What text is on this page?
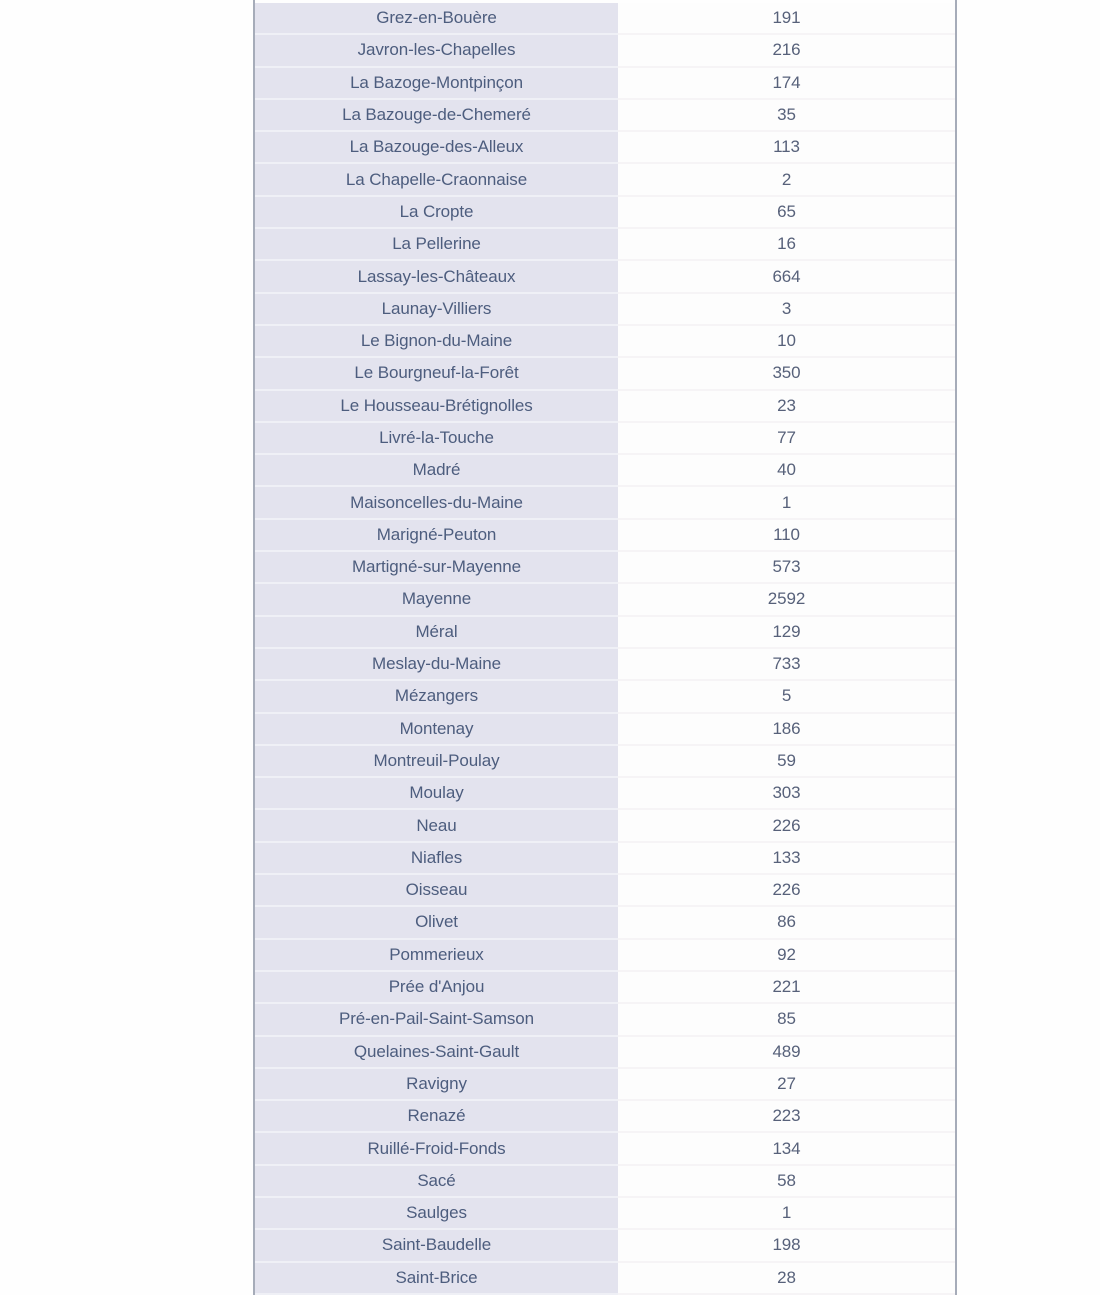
Grez-en-Bouère	191
Javron-les-Chapelles	216
La Bazoge-Montpinçon	174
La Bazouge-de-Chemeré	35
La Bazouge-des-Alleux	113
La Chapelle-Craonnaise	2
La Cropte	65
La Pellerine	16
Lassay-les-Châteaux	664
Launay-Villiers	3
Le Bignon-du-Maine	10
Le Bourgneuf-la-Forêt	350
Le Housseau-Brétignolles	23
Livré-la-Touche	77
Madré	40
Maisoncelles-du-Maine	1
Marigné-Peuton	110
Martigné-sur-Mayenne	573
Mayenne	2592
Méral	129
Meslay-du-Maine	733
Mézangers	5
Montenay	186
Montreuil-Poulay	59
Moulay	303
Neau	226
Niafles	133
Oisseau	226
Olivet	86
Pommerieux	92
Prée d'Anjou	221
Pré-en-Pail-Saint-Samson	85
Quelaines-Saint-Gault	489
Ravigny	27
Renazé	223
Ruillé-Froid-Fonds	134
Sacé	58
Saulges	1
Saint-Baudelle	198
Saint-Brice	28
